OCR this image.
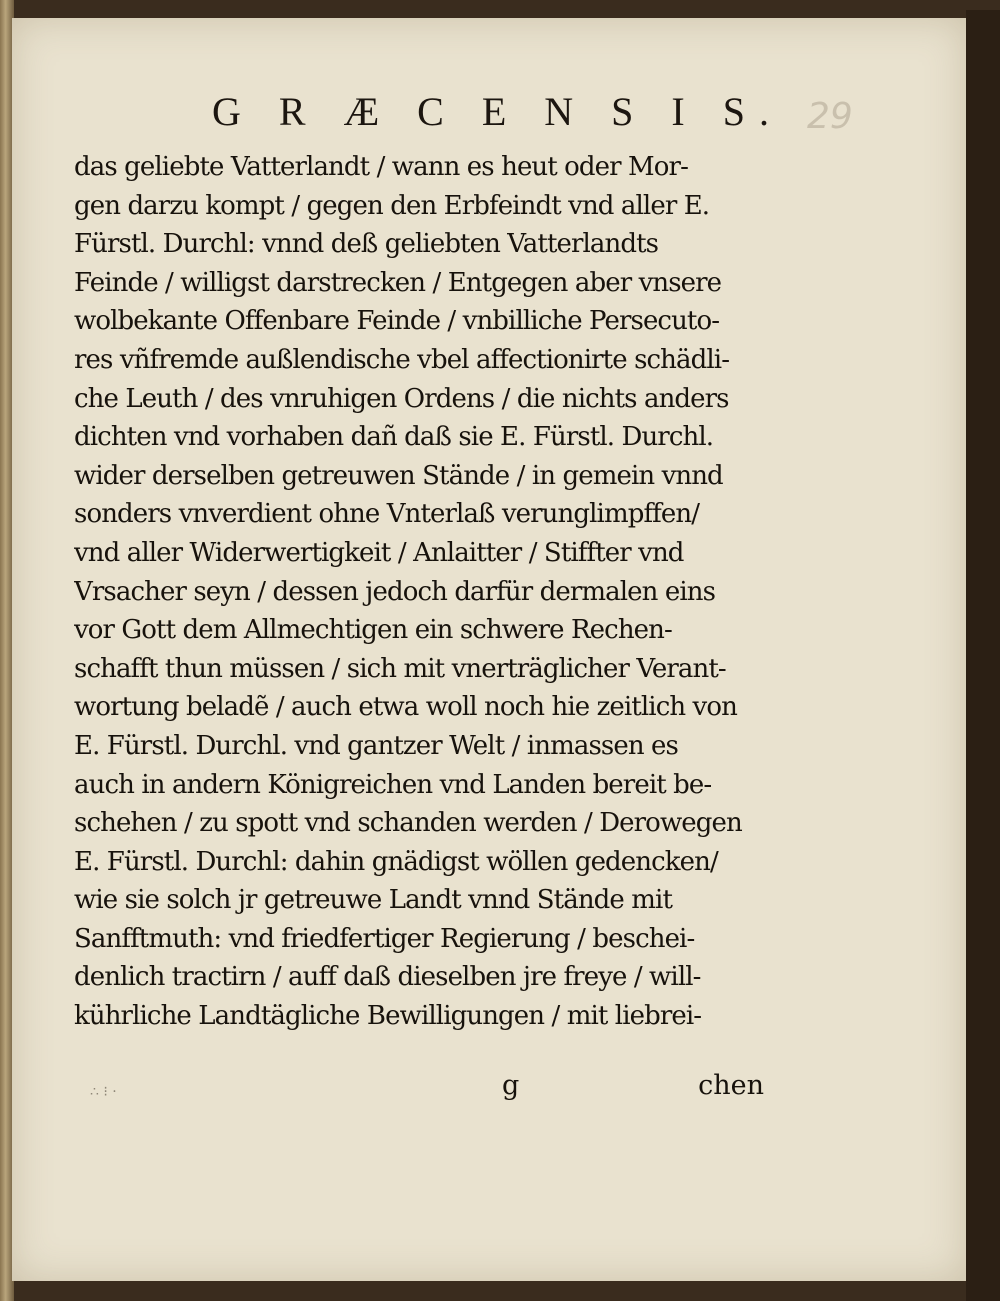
G R Æ C E N S I S. 29
das geliebte Vatterlandt / wann es heut oder Mor-
gen darzu kompt / gegen den Erbfeindt vnd aller E.
Fürstl. Durchl: vnnd deß geliebten Vatterlandts
Feinde / willigst darstrecken / Entgegen aber vnsere
wolbekante Offenbare Feinde / vnbilliche Persecuto-
res vñfremde außlendische vbel affectionirte schädli-
che Leuth / des vnruhigen Ordens / die nichts anders
dichten vnd vorhaben dañ daß sie E. Fürstl. Durchl.
wider derselben getreuwen Stände / in gemein vnnd
sonders vnverdient ohne Vnterlaß verunglimpffen/
vnd aller Widerwertigkeit / Anlaitter / Stiffter vnd
Vrsacher seyn / dessen jedoch darfür dermalen eins
vor Gott dem Allmechtigen ein schwere Rechen-
schafft thun müssen / sich mit vnerträglicher Verant-
wortung beladẽ / auch etwa woll noch hie zeitlich von
E. Fürstl. Durchl. vnd gantzer Welt / inmassen es
auch in andern Königreichen vnd Landen bereit be-
schehen / zu spott vnd schanden werden / Derowegen
E. Fürstl. Durchl: dahin gnädigst wöllen gedencken/
wie sie solch jr getreuwe Landt vnnd Stände mit
Sanfftmuth: vnd friedfertiger Regierung / beschei-
denlich tractirn / auff daß dieselben jre freye / will-
kührliche Landtägliche Bewilligungen / mit liebrei-
∴ ⁝ ·	g	chen
